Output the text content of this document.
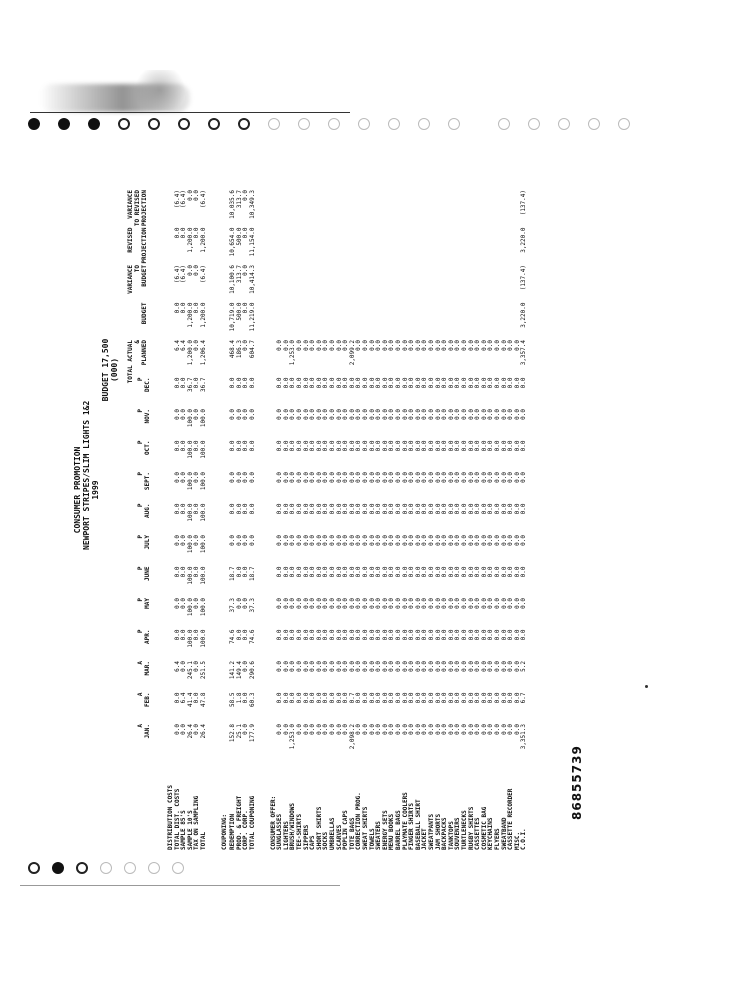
CONSUMER PROMOTION NEWPORT STRIPES/SLIM LIGHTS 1&2 1999
BUDGET 17,500 (000)
A JAN.
A FEB.
A MAR.
P APR.
P MAY
P JUNE
P JULY
P AUG.
P SEPT.
P OCT.
P NOV.
P DEC.
TOTAL ACTUAL & PLANNED

BUDGET
VARIANCE TO BUDGET
REVISED
PROJECTION
VARIANCE TO REVISED PROJECTION
DISTRIBUTION COSTS TOTAL DIST. COSTS
0.0
0.0
6.4
0.0
0.0
0.0
0.0
0.0
0.0
0.0
0.0
0.0
6.4
0.0
(6.4)
0.0
(6.4)
SAMPLE 85'S
0.0
6.4
0.0
0.0
0.0
0.0
0.0
0.0
0.0
0.0
0.0
0.0
6.4
0.0
(6.4)
0.0
(6.4)
SAMPLE 10'S
26.4
41.4
245.1
100.0
100.0
100.0
100.0
100.0
100.0
100.0
100.0
36.7
1,200.0
1,200.0
0.0
1,200.0
0.0
TAX ON SAMPLING
0.0
0.0
0.0
0.0
0.0
0.0
0.0
0.0
0.0
0.0
0.0
0.0
0.0
0.0
0.0
0.0
0.0
TOTAL
26.4
47.8
251.5
100.0
100.0
100.0
100.0
100.0
100.0
100.0
100.0
36.7
1,206.4
1,200.0
(6.4)
1,200.0
(6.4)
COUPONING: REDEMPTION
152.8
58.5
141.2
74.6
37.3
18.7
0.0
0.0
0.0
0.0
0.0
0.0
468.4
10,719.0
10,100.6
10,654.0
10,035.6
PROD. & FREIGHT
25.1
1.8
149.4
0.0
0.0
0.0
0.0
0.0
0.0
0.0
0.0
0.0
186.3
500.0
313.7
500.0
313.7
CORP. CORP.
0.0
0.0
0.0
0.0
0.0
0.0
0.0
0.0
0.0
0.0
0.0
0.0
0.0
0.0
0.0
0.0
0.0
TOTAL COUPONING
177.9
60.3
290.6
74.6
37.3
18.7
0.0
0.0
0.0
0.0
0.0
0.0
604.7
11,219.0
10,414.3
11,154.0
10,349.3
CONSUMER OFFER: SUNGLASSES
0.0
0.0
0.0
0.0
0.0
0.0
0.0
0.0
0.0
0.0
0.0
0.0
0.0
LIGHTERS
0.0
0.0
0.0
0.0
0.0
0.0
0.0
0.0
0.0
0.0
0.0
0.0
0.0
BRUSH/WINDOWS
1,253.0
0.0
0.0
0.0
0.0
0.0
0.0
0.0
0.0
0.0
0.0
0.0
1,253.0
TEE-SHIRTS
0.0
0.0
0.0
0.0
0.0
0.0
0.0
0.0
0.0
0.0
0.0
0.0
0.0
SIPPERS
0.0
0.0
0.0
0.0
0.0
0.0
0.0
0.0
0.0
0.0
0.0
0.0
0.0
CAPS
0.0
0.0
0.0
0.0
0.0
0.0
0.0
0.0
0.0
0.0
0.0
0.0
0.0
SHORT SHIRTS
0.0
0.0
0.0
0.0
0.0
0.0
0.0
0.0
0.0
0.0
0.0
0.0
0.0
SOCKS
0.0
0.0
0.0
0.0
0.0
0.0
0.0
0.0
0.0
0.0
0.0
0.0
0.0
UMBRELLAS
0.0
0.0
0.0
0.0
0.0
0.0
0.0
0.0
0.0
0.0
0.0
0.0
0.0
SCARVES
0.0
0.0
0.0
0.0
0.0
0.0
0.0
0.0
0.0
0.0
0.0
0.0
0.0
POPLIN CAPS
0.0
0.0
0.0
0.0
0.0
0.0
0.0
0.0
0.0
0.0
0.0
0.0
0.0
TOTE BAGS
2,098.2
0.7
0.0
0.0
0.0
0.0
0.0
0.0
0.0
0.0
0.0
0.0
2,099.2
CORRECTION PROG.
0.0
0.0
0.0
0.0
0.0
0.0
0.0
0.0
0.0
0.0
0.0
0.0
0.0
SWEAT SHIRTS
0.0
0.0
0.0
0.0
0.0
0.0
0.0
0.0
0.0
0.0
0.0
0.0
0.0
TOWELS
0.0
0.0
0.0
0.0
0.0
0.0
0.0
0.0
0.0
0.0
0.0
0.0
0.0
SWEATERS
0.0
0.0
0.0
0.0
0.0
0.0
0.0
0.0
0.0
0.0
0.0
0.0
0.0
ENERGY SETS
0.0
0.0
0.0
0.0
0.0
0.0
0.0
0.0
0.0
0.0
0.0
0.0
0.0
MENU BOOKS
0.0
0.0
0.0
0.0
0.0
0.0
0.0
0.0
0.0
0.0
0.0
0.0
0.0
BARREL BAGS
0.0
0.0
0.0
0.0
0.0
0.0
0.0
0.0
0.0
0.0
0.0
0.0
0.0
PLAYMATE COOLERS
0.0
0.0
0.0
0.0
0.0
0.0
0.0
0.0
0.0
0.0
0.0
0.0
0.0
FINGER SHIRTS
0.0
0.0
0.0
0.0
0.0
0.0
0.0
0.0
0.0
0.0
0.0
0.0
0.0
BASEBALL SHIRT
0.0
0.0
0.0
0.0
0.0
0.0
0.0
0.0
0.0
0.0
0.0
0.0
0.0
JACKET
0.0
0.0
0.0
0.0
0.0
0.0
0.0
0.0
0.0
0.0
0.0
0.0
0.0
SWEATPANTS
0.0
0.0
0.0
0.0
0.0
0.0
0.0
0.0
0.0
0.0
0.0
0.0
0.0
JAM SHORTS
0.0
0.0
0.0
0.0
0.0
0.0
0.0
0.0
0.0
0.0
0.0
0.0
0.0
BACKPACKS
0.0
0.0
0.0
0.0
0.0
0.0
0.0
0.0
0.0
0.0
0.0
0.0
0.0
TANKTOPS
0.0
0.0
0.0
0.0
0.0
0.0
0.0
0.0
0.0
0.0
0.0
0.0
0.0
SOUVENIRS
0.0
0.0
0.0
0.0
0.0
0.0
0.0
0.0
0.0
0.0
0.0
0.0
0.0
TURTLENECKS
0.0
0.0
0.0
0.0
0.0
0.0
0.0
0.0
0.0
0.0
0.0
0.0
0.0
RUGBY SHIRTS
0.0
0.0
0.0
0.0
0.0
0.0
0.0
0.0
0.0
0.0
0.0
0.0
0.0
CASSETTES
0.0
0.0
0.0
0.0
0.0
0.0
0.0
0.0
0.0
0.0
0.0
0.0
0.0
COSMETIC BAG
0.0
0.0
0.0
0.0
0.0
0.0
0.0
0.0
0.0
0.0
0.0
0.0
0.0
KEYCHAINS
0.0
0.0
0.0
0.0
0.0
0.0
0.0
0.0
0.0
0.0
0.0
0.0
0.0
FLYERS
0.0
0.0
0.0
0.0
0.0
0.0
0.0
0.0
0.0
0.0
0.0
0.0
0.0
SWEATBAND
0.0
0.0
0.0
0.0
0.0
0.0
0.0
0.0
0.0
0.0
0.0
0.0
0.0
CASSETTE RECORDER
0.0
0.0
0.0
0.0
0.0
0.0
0.0
0.0
0.0
0.0
0.0
0.0
0.0
MISC.
0.0
0.0
0.0
0.0
0.0
0.0
0.0
0.0
0.0
0.0
0.0
0.0
0.0
C.O.I.
3,351.3
6.7
5.2
0.0
0.0
0.0
0.0
0.0
0.0
0.0
0.0
0.0
3,357.4
3,220.0
(137.4)
3,220.0
(137.4)
86855739
